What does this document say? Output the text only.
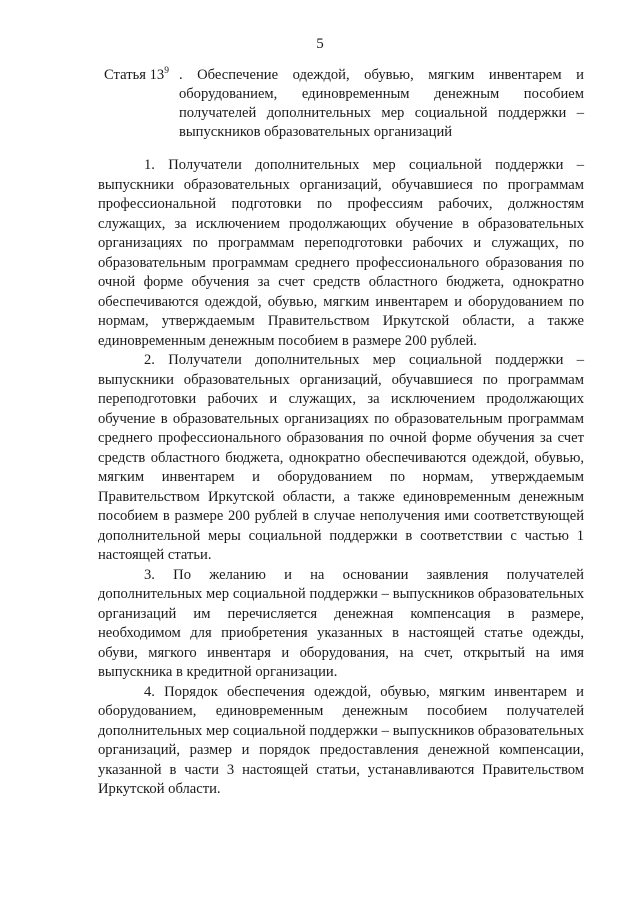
5
Статья $13^9$ . Обеспечение одеждой, обувью, мягким инвентарем и оборудованием, единовременным денежным пособием получателей дополнительных мер социальной поддержки – выпускников образовательных организаций

1. Получатели дополнительных мер социальной поддержки – выпускники образовательных организаций, обучавшиеся по программам профессиональной подготовки по профессиям рабочих, должностям служащих, за исключением продолжающих обучение в образовательных организациях по программам переподготовки рабочих и служащих, по образовательным программам среднего профессионального образования по очной форме обучения за счет средств областного бюджета, однократно обеспечиваются одеждой, обувью, мягким инвентарем и оборудованием по нормам, утверждаемым Правительством Иркутской области, а также единовременным денежным пособием в размере 200 рублей.

2. Получатели дополнительных мер социальной поддержки – выпускники образовательных организаций, обучавшиеся по программам переподготовки рабочих и служащих, за исключением продолжающих обучение в образовательных организациях по образовательным программам среднего профессионального образования по очной форме обучения за счет средств областного бюджета, однократно обеспечиваются одеждой, обувью, мягким инвентарем и оборудованием по нормам, утверждаемым Правительством Иркутской области, а также единовременным денежным пособием в размере 200 рублей в случае неполучения ими соответствующей дополнительной меры социальной поддержки в соответствии с частью 1 настоящей статьи.

3. По желанию и на основании заявления получателей дополнительных мер социальной поддержки – выпускников образовательных организаций им перечисляется денежная компенсация в размере, необходимом для приобретения указанных в настоящей статье одежды, обуви, мягкого инвентаря и оборудования, на счет, открытый на имя выпускника в кредитной организации.

4. Порядок обеспечения одеждой, обувью, мягким инвентарем и оборудованием, единовременным денежным пособием получателей дополнительных мер социальной поддержки – выпускников образовательных организаций, размер и порядок предоставления денежной компенсации, указанной в части 3 настоящей статьи, устанавливаются Правительством Иркутской области.
